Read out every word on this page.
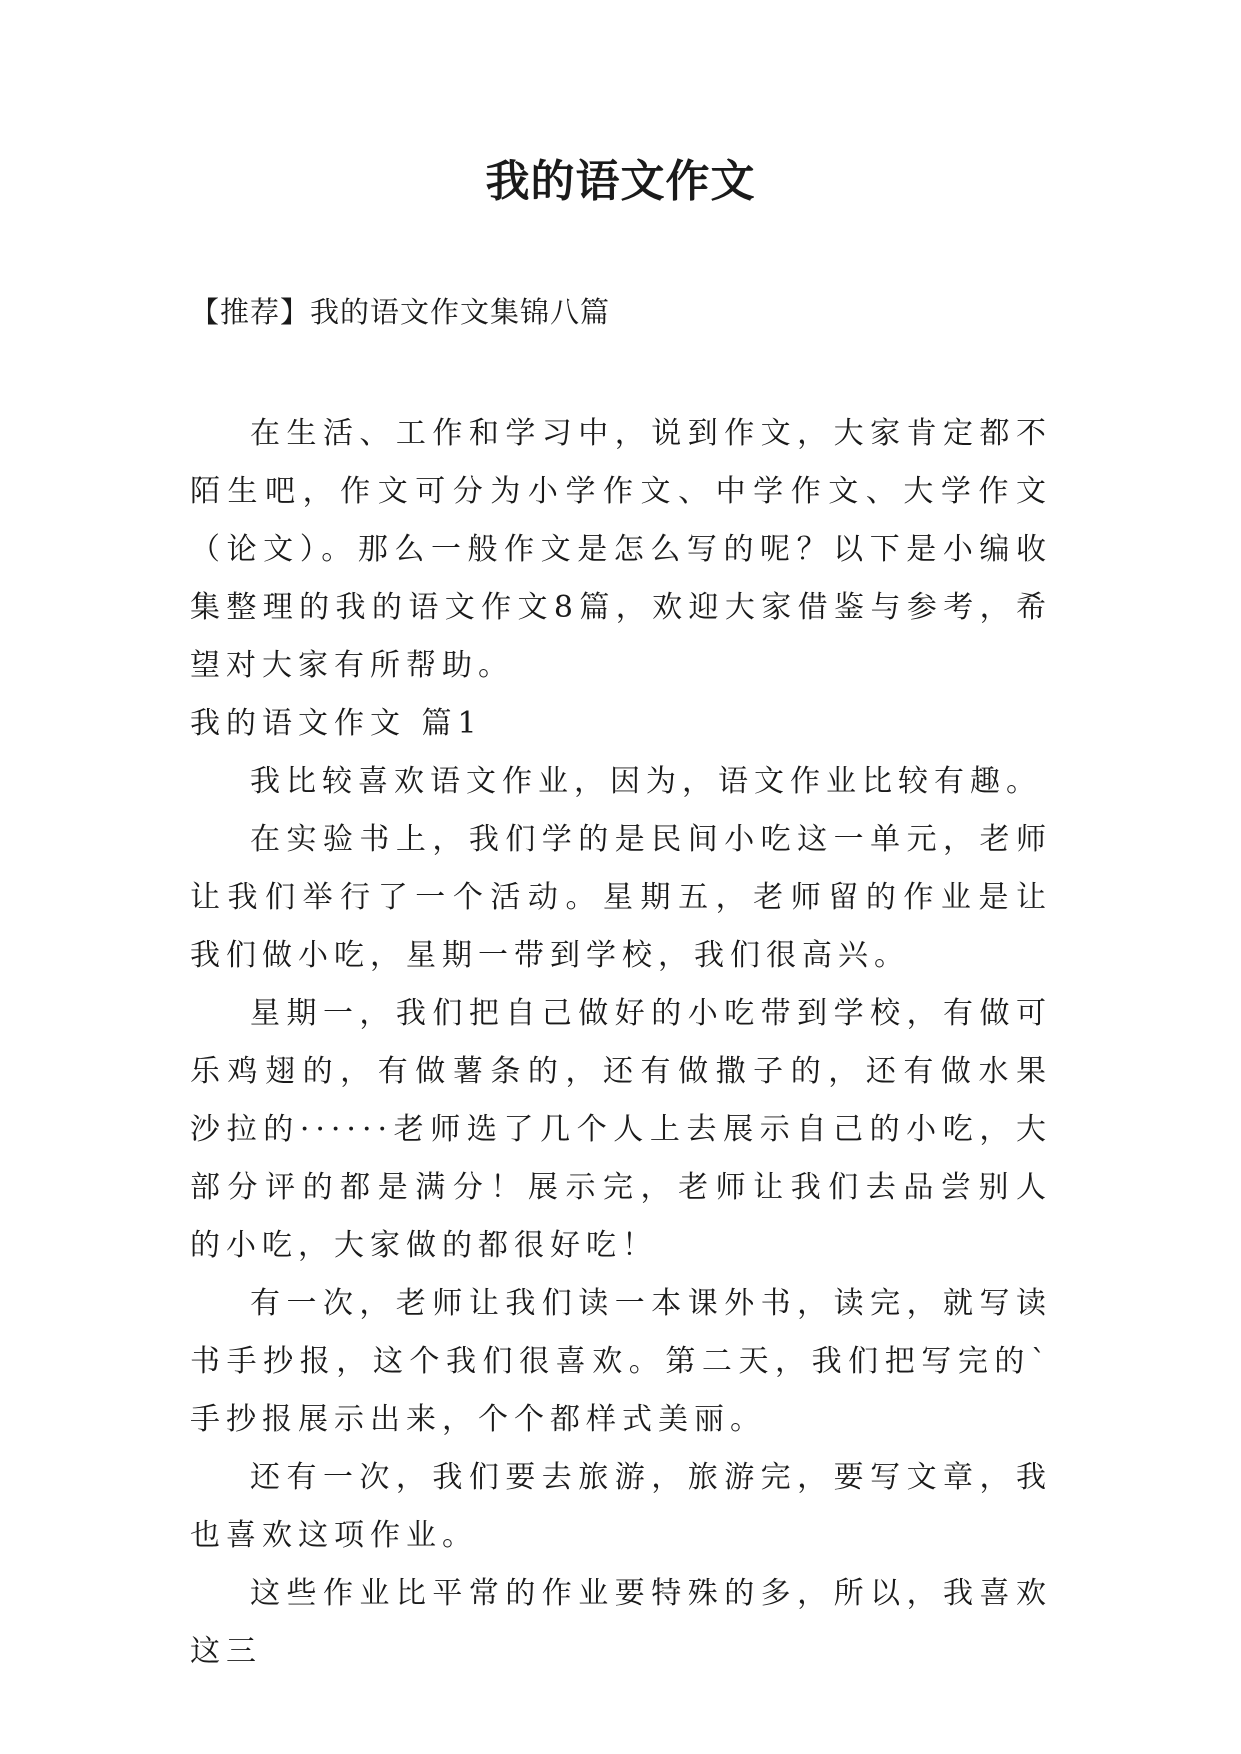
我的语文作文
【推荐】我的语文作文集锦八篇

在生活、工作和学习中，说到作文，大家肯定都不陌生吧，作文可分为小学作文、中学作文、大学作文（论文）。那么一般作文是怎么写的呢？以下是小编收集整理的我的语文作文8篇，欢迎大家借鉴与参考，希望对大家有所帮助。

我的语文作文 篇1

我比较喜欢语文作业，因为，语文作业比较有趣。

在实验书上，我们学的是民间小吃这一单元，老师让我们举行了一个活动。星期五，老师留的作业是让我们做小吃，星期一带到学校，我们很高兴。

星期一，我们把自己做好的小吃带到学校，有做可乐鸡翅的，有做薯条的，还有做撒子的，还有做水果沙拉的······老师选了几个人上去展示自己的小吃，大部分评的都是满分！展示完，老师让我们去品尝别人的小吃，大家做的都很好吃！

有一次，老师让我们读一本课外书，读完，就写读书手抄报，这个我们很喜欢。第二天，我们把写完的`手抄报展示出来，个个都样式美丽。

还有一次，我们要去旅游，旅游完，要写文章，我也喜欢这项作业。

这些作业比平常的作业要特殊的多，所以，我喜欢这三
